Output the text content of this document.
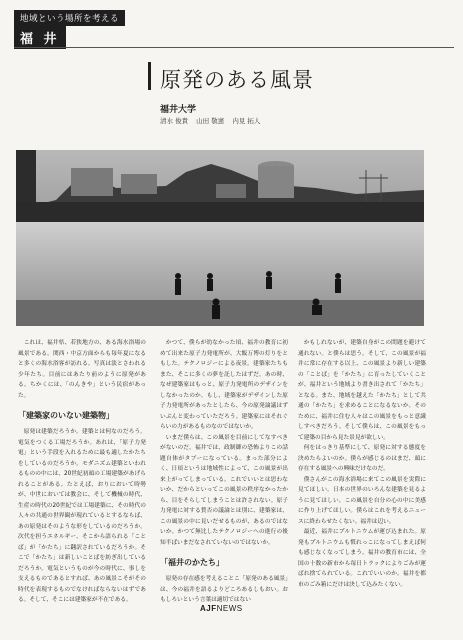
地域という場所を考える
福 井
原発のある風景
福井大学
清水 俊貴 山田 敬憲 内見 拓人

これは、福井県、若狭地方の、ある海水浴場の風景である。関西・中京方面からも毎年夏になると多くの海水浴客が訪れる。写真は淡とさわれる少年たち。目前にはあたり前のように原発がある。ちかくには、「のんきや」という民宿があった。

「建築家のいない建築物」

原発は建築だろうか。建築とは何なのだろう。電気をつくる工場だろうか。あれは、「原子力発電」という手段を入れるために最も適したかたちをしているのだろうか。モダニズム建築といわれるものの中には、20世紀初頭の工場建築があげられることがある。たとえば、おりにおいて時勢が、中世においては教会に、そして機械の時代、生産の時代の20世紀では工場建築に、その時代の人々の共通の世界観が現れているとするならば、あの原発はそのような形をしているのだろうか。次代を担うエネルギー、そこから語られる「ことば」が「かたち」に翻訳されているだろうか。そこで「かたち」は新しいことばを紡ぎ出しているだろうか。電気というものが今の時代に、事しを支えるものであるとすれば、あの風景こそがその時代を表現するものでなければならないはずである。そして、そこには建築家が不在である。

かつて、僕らが幼なかった頃、福井の教育に初めて出来た原子力発電所が、大飯万博の灯りをともした。テクノロジーによる夜景。建築家たちもまた、そこに多くの夢を託したはずだ。あの時、なぜ建築家はもっと、原子力発電所のデザインをしなかったのか。もし、建築家がデザインした原子力発電所があったとしたら、今の原発論議はずいぶんと変わっていただろう。建築家にはそれぐらいの力があるものなのではないか。

いまだ僕らは、この風景を目前にしてなすべきがないのだ。福井では、政制御の恐怖よりこの話題自体がタブーになっている。まった部分によく、日頃というは地域性によって、この風景が出来上がってしまっている。これでいいとは思わないか、だからといってこの風景の秩序なかったから、目をそらしてしまうことは許されない。原子力発電に対する賛否の議論とは別に、建築家は、この風景の中に見いだせるものが、あるのではないか。かつて無比したテクノロジーへの進行の後知半ばいまだなされていないのではないか。

「福井のかたち」

原発の存在感を考えることこ「原発のある風景」は、今の福井を語るよりどころあるしもおい。おもしろいという言葉は適切ではない

かもしれないが、建築自身がこの問題を避けて通れない。と僕らは思う。そして、この風景が福井に常に存在する以上、この風景より新しい建築の「ことば」を「かたち」に育ったしていくことが、福井という地域より書き出されて「かたち」となる。また、地域を越えた「かたち」として共通の「かたち」を求めることになるないか。そのために、福井に住む人々はこの風景をもっと意識しすべきだろう。そして僕らは、この風景をもって建築の目から見た景見が欲しい。

何をはっきり基準にして、原発に対する態度を決めたらよいのか。僕らが感じるのはまだ、頭に存在する風景への興味だけなのだ。

僕さんがこの海水浴場に来てこの風景を実際に見てほしい。日本の世界のいろんな建築を見るように見てほしい。この風景を自分の心の中に美感に作り上げてほしい。僕らはこれを考えるニュースに終わらせたくない。福井は辺い。

最近、福井にプルトニウムが運び込まれた。原発もプルトニウムも慣れっこになってしまえば何も感じなくなってしまう。福井の教育市には、全国の十数の新市から毎日トラックによりごみが運ばれ捨てられている。これでいいのか。福井を都市のごみ箱にだけは決して込みたくない。

AJFNEWS
